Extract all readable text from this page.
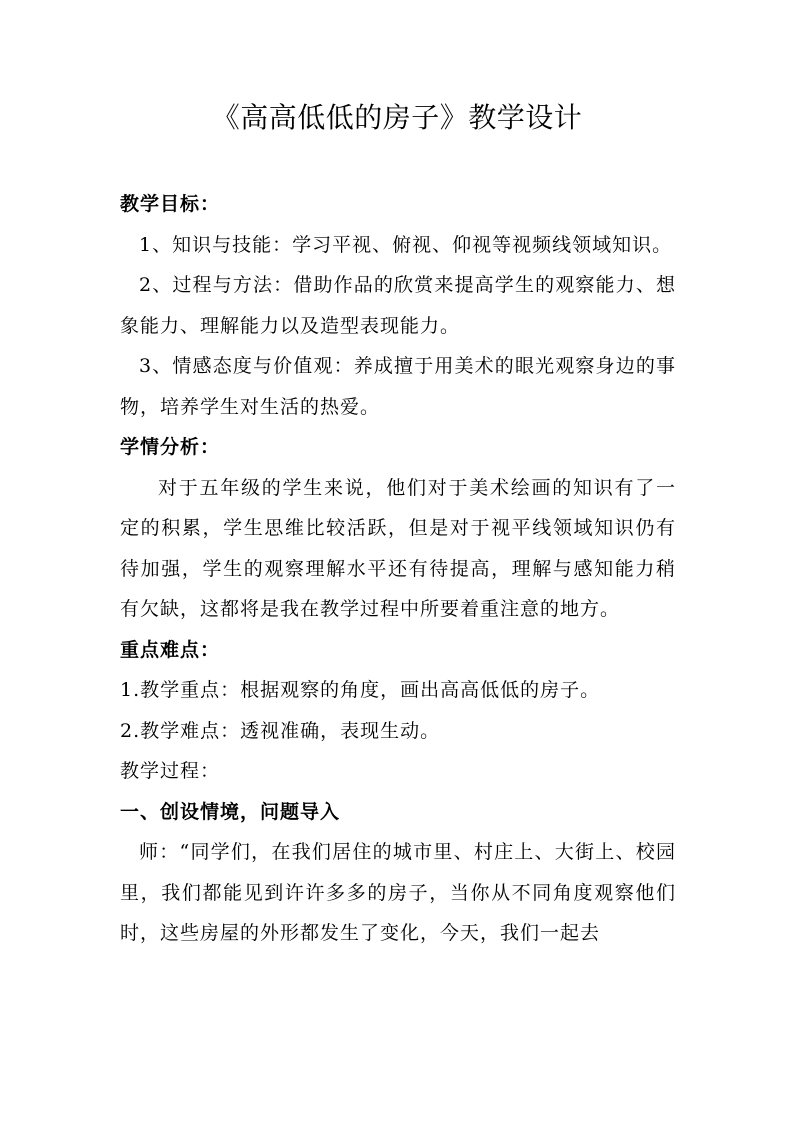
《高高低低的房子》教学设计

教学目标：

1、知识与技能：学习平视、俯视、仰视等视频线领域知识。

2、过程与方法：借助作品的欣赏来提高学生的观察能力、想象能力、理解能力以及造型表现能力。

3、情感态度与价值观：养成擅于用美术的眼光观察身边的事物，培养学生对生活的热爱。

学情分析：

对于五年级的学生来说，他们对于美术绘画的知识有了一定的积累，学生思维比较活跃，但是对于视平线领域知识仍有待加强，学生的观察理解水平还有待提高，理解与感知能力稍有欠缺，这都将是我在教学过程中所要着重注意的地方。

重点难点：

1.教学重点：根据观察的角度，画出高高低低的房子。

2.教学难点：透视准确，表现生动。

教学过程：

一、创设情境，问题导入

师：“同学们，在我们居住的城市里、村庄上、大街上、校园里，我们都能见到许许多多的房子，当你从不同角度观察他们时，这些房屋的外形都发生了变化，今天，我们一起去
